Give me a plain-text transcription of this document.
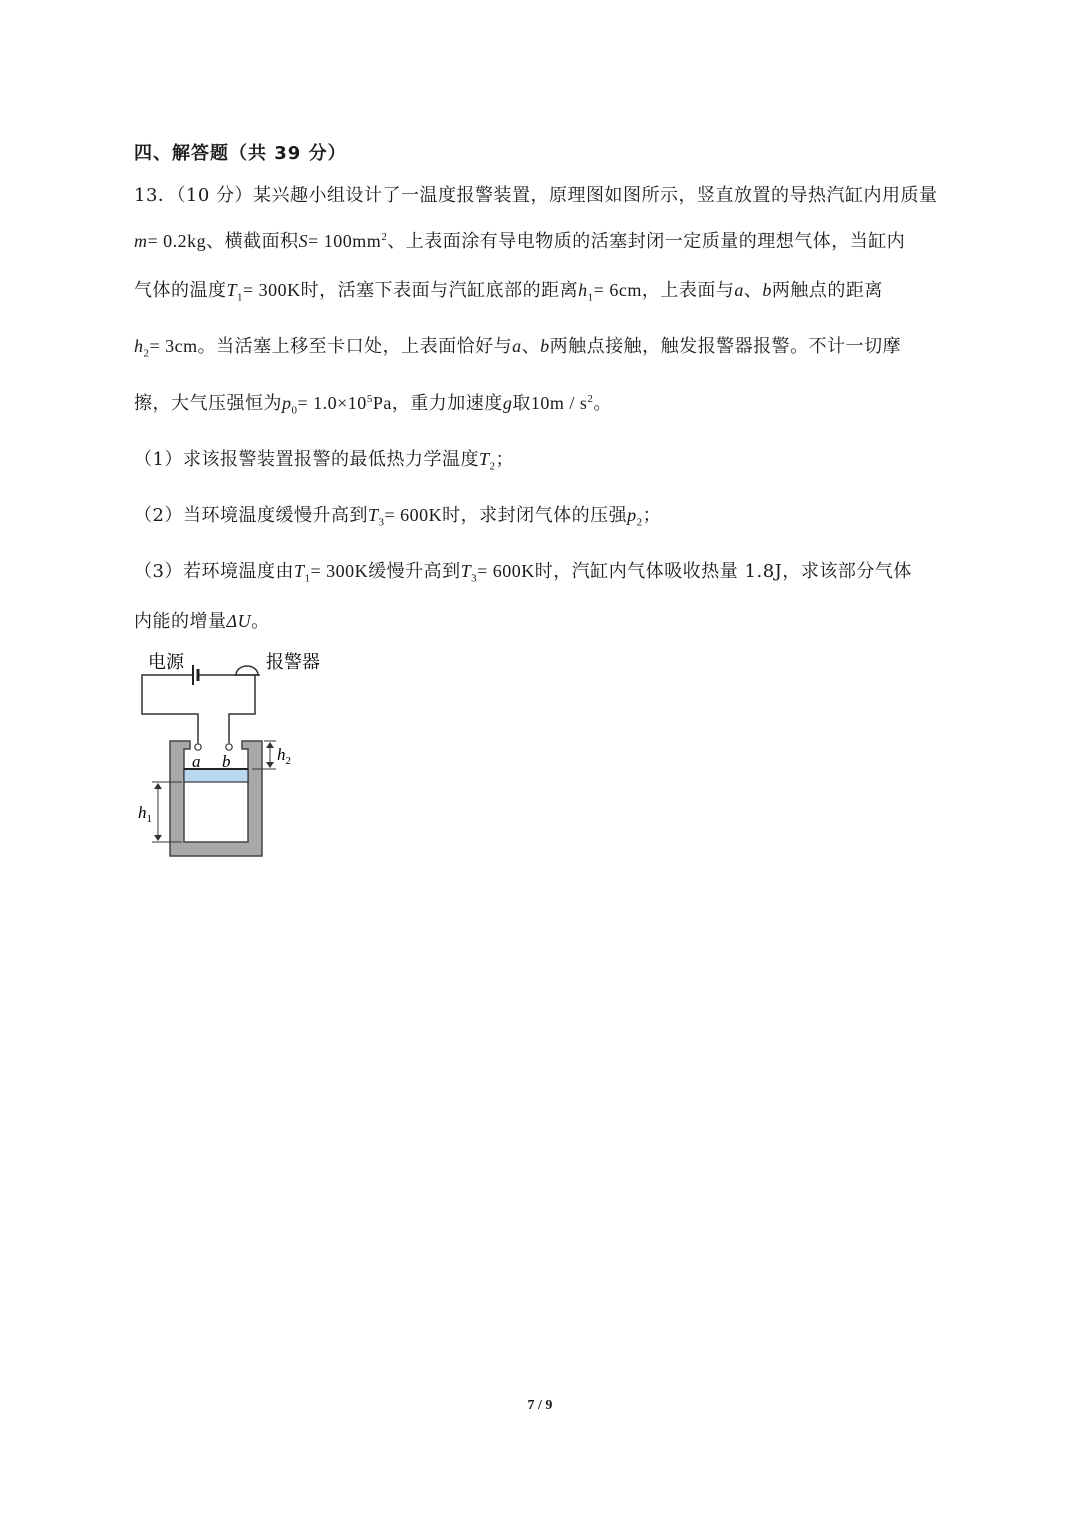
四、解答题（共 39 分）
13．（10 分）某兴趣小组设计了一温度报警装置，原理图如图所示，竖直放置的导热汽缸内用质量
m= 0.2kg、横截面积$S= 100mm^2$、上表面涂有导电物质的活塞封闭一定质量的理想气体，当缸内
气体的温度$T_1= 300K$时，活塞下表面与汽缸底部的距离$h_1= 6cm$，上表面与a、b两触点的距离
$h_2= 3cm$。当活塞上移至卡口处，上表面恰好与a、b两触点接触，触发报警器报警。不计一切摩
擦，大气压强恒为$p_0= 1.0\times 10^5Pa$，重力加速度g取$10m / s^2$。
（1）求该报警装置报警的最低热力学温度$T_2$；
（2）当环境温度缓慢升高到$T_3= 600K$时，求封闭气体的压强$p_2$；
（3）若环境温度由$T_1= 300K$缓慢升高到$T_3= 600K$时，汽缸内气体吸收热量 1.8J，求该部分气体
内能的增量ΔU。
电源	报警器
a b	$h_2$
$h_1$
7 / 9
